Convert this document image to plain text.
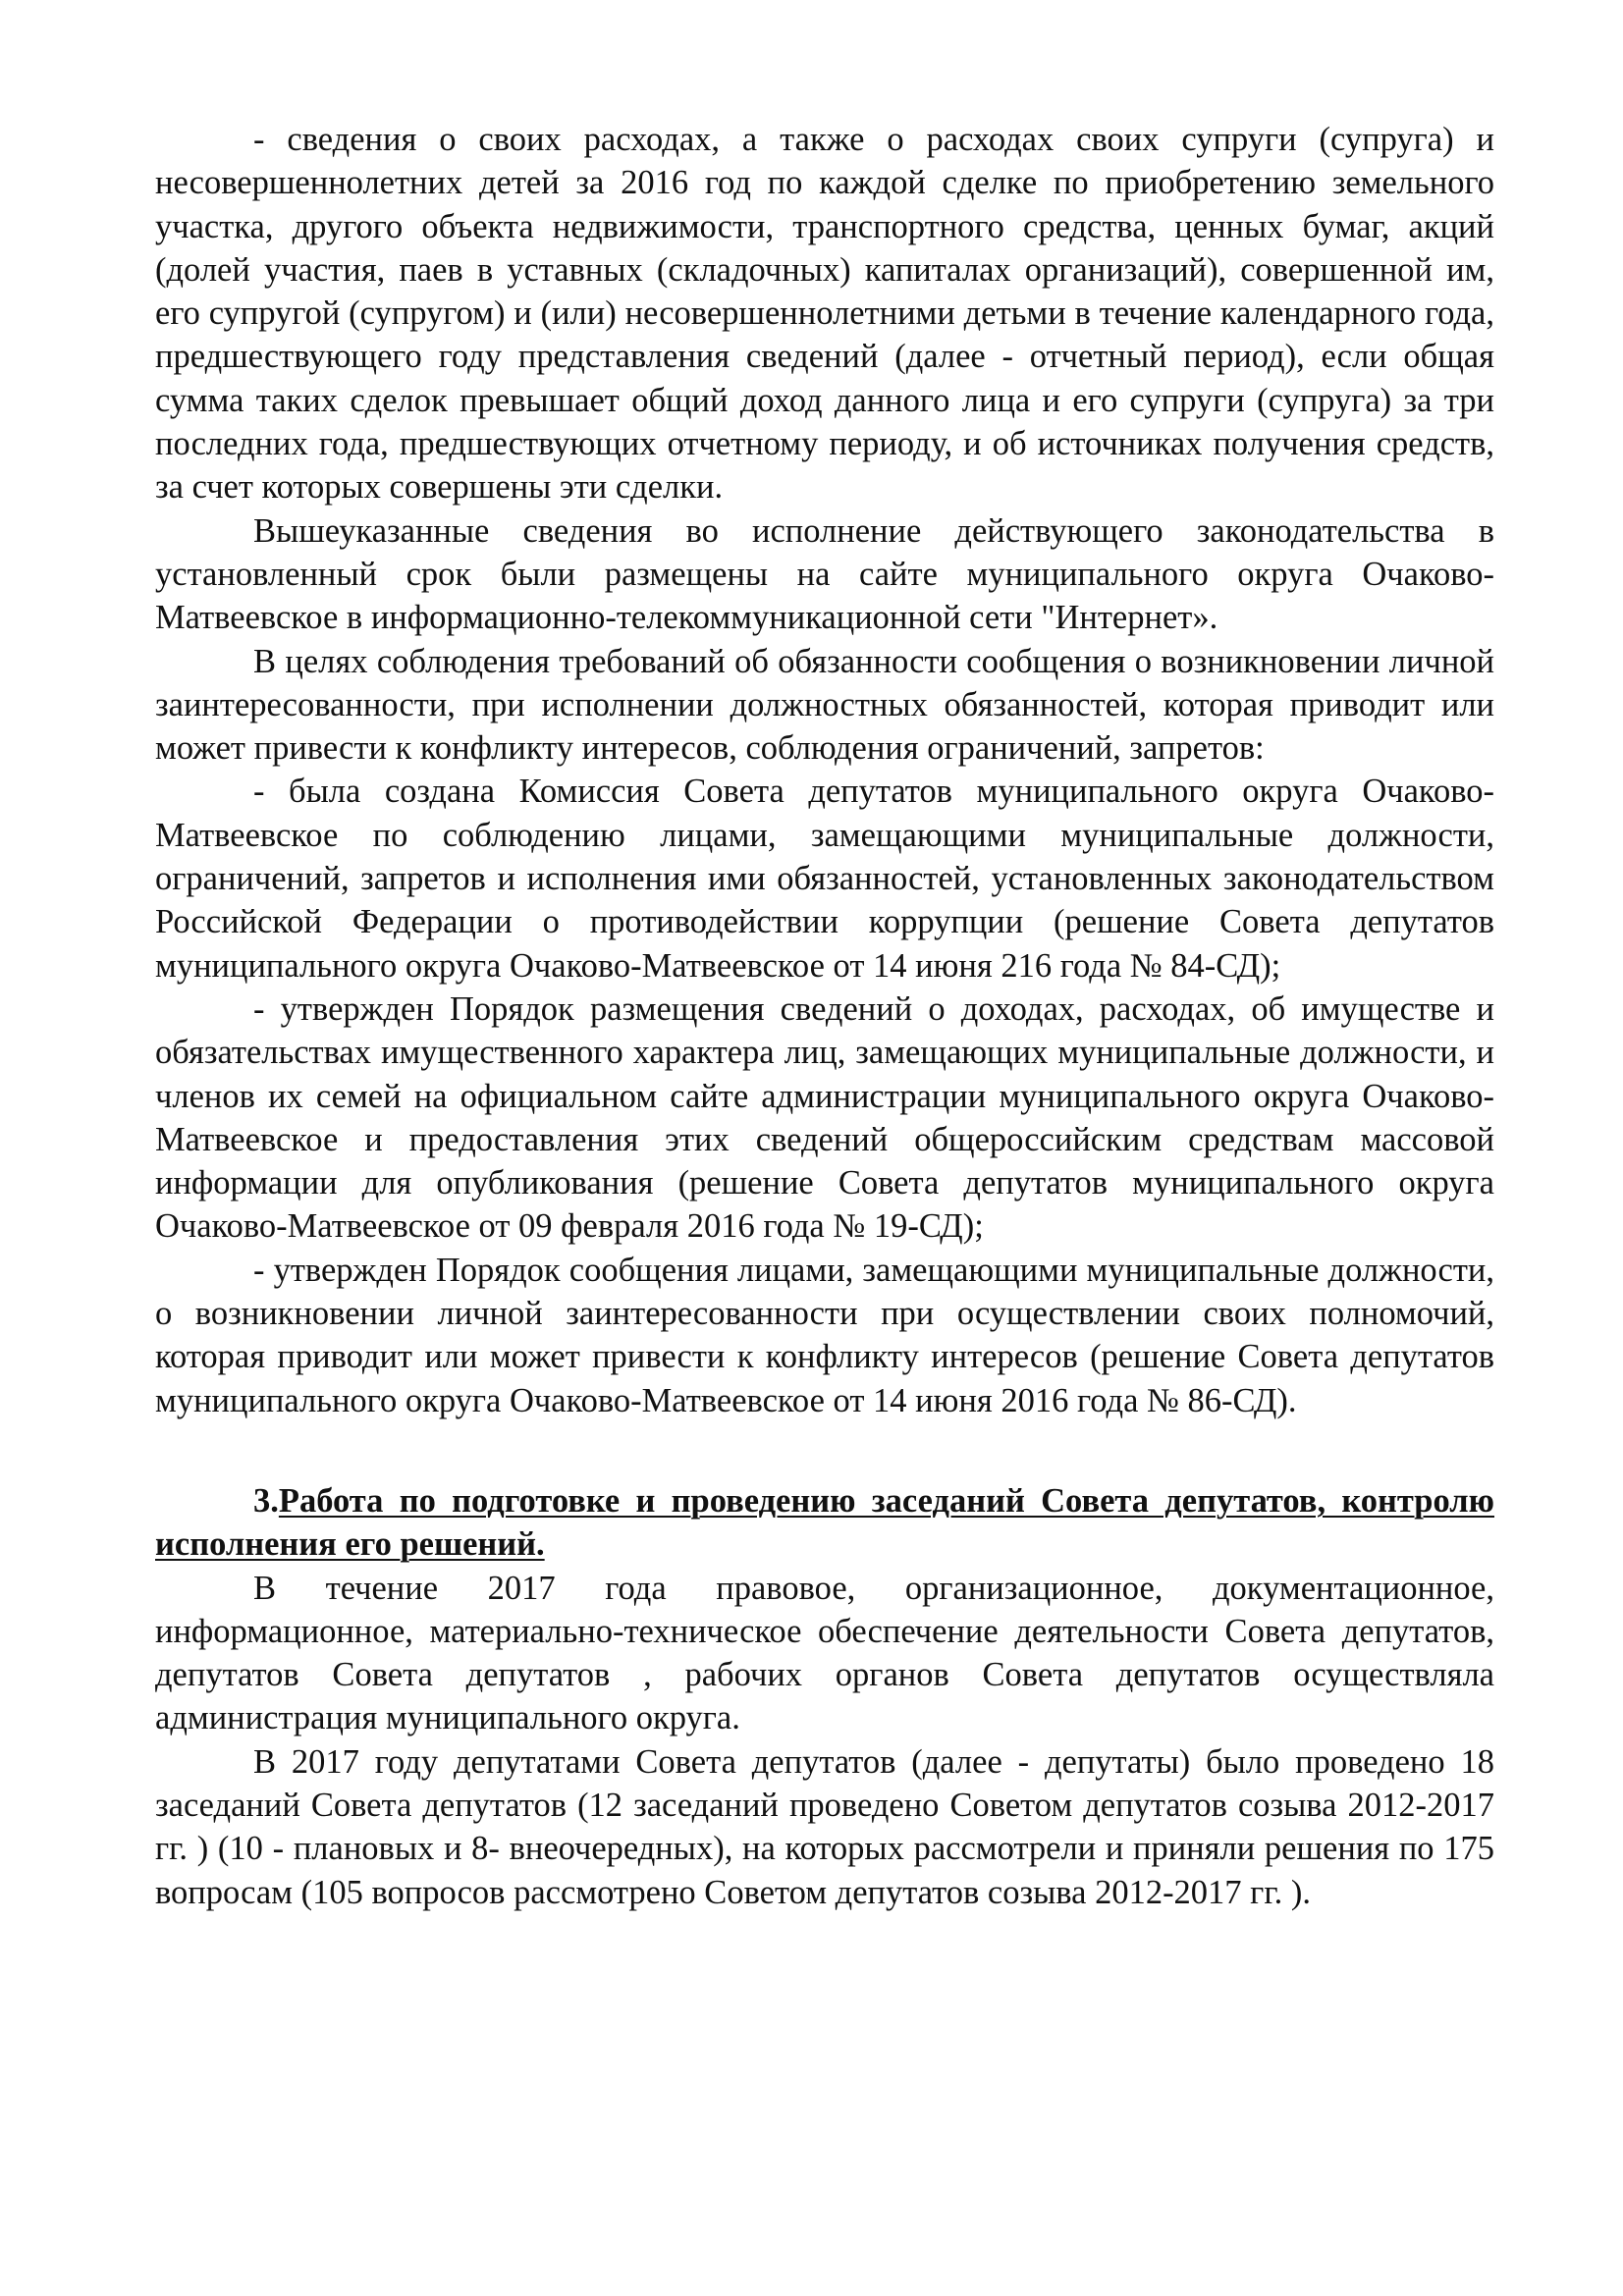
- сведения о своих расходах, а также о расходах своих супруги (супруга) и несовершеннолетних детей за 2016 год по каждой сделке по приобретению земельного участка, другого объекта недвижимости, транспортного средства, ценных бумаг, акций (долей участия, паев в уставных (складочных) капиталах организаций), совершенной им, его супругой (супругом) и (или) несовершеннолетними детьми в течение календарного года, предшествующего году представления сведений (далее - отчетный период), если общая сумма таких сделок превышает общий доход данного лица и его супруги (супруга) за три последних года, предшествующих отчетному периоду, и об источниках получения средств, за счет которых совершены эти сделки.

Вышеуказанные сведения во исполнение действующего законодательства в установленный срок были размещены на сайте муниципального округа Очаково-Матвеевское в информационно-телекоммуникационной сети "Интернет».

В целях соблюдения требований об обязанности сообщения о возникновении личной заинтересованности, при исполнении должностных обязанностей, которая приводит или может привести к конфликту интересов, соблюдения ограничений, запретов:

- была создана Комиссия Совета депутатов муниципального округа Очаково-Матвеевское по соблюдению лицами, замещающими муниципальные должности, ограничений, запретов и исполнения ими обязанностей, установленных законодательством Российской Федерации о противодействии коррупции (решение Совета депутатов муниципального округа Очаково-Матвеевское от 14 июня 216 года № 84-СД);

- утвержден Порядок размещения сведений о доходах, расходах, об имуществе и обязательствах имущественного характера лиц, замещающих муниципальные должности, и членов их семей на официальном сайте администрации муниципального округа Очаково-Матвеевское и предоставления этих сведений общероссийским средствам массовой информации для опубликования (решение Совета депутатов муниципального округа Очаково-Матвеевское от 09 февраля 2016 года № 19-СД);

- утвержден Порядок сообщения лицами, замещающими муниципальные должности, о возникновении личной заинтересованности при осуществлении своих полномочий, которая приводит или может привести к конфликту интересов (решение Совета депутатов муниципального округа Очаково-Матвеевское от 14 июня 2016 года № 86-СД).

3.Работа по подготовке и проведению заседаний Совета депутатов, контролю исполнения его решений.

В течение 2017 года правовое, организационное, документационное, информационное, материально-техническое обеспечение деятельности Совета депутатов, депутатов Совета депутатов , рабочих органов Совета депутатов осуществляла администрация муниципального округа.

В 2017 году депутатами Совета депутатов (далее - депутаты) было проведено 18 заседаний Совета депутатов (12 заседаний проведено Советом депутатов созыва 2012-2017 гг. ) (10 - плановых и 8- внеочередных), на которых рассмотрели и приняли решения по 175 вопросам (105 вопросов рассмотрено Советом депутатов созыва 2012-2017 гг. ).
